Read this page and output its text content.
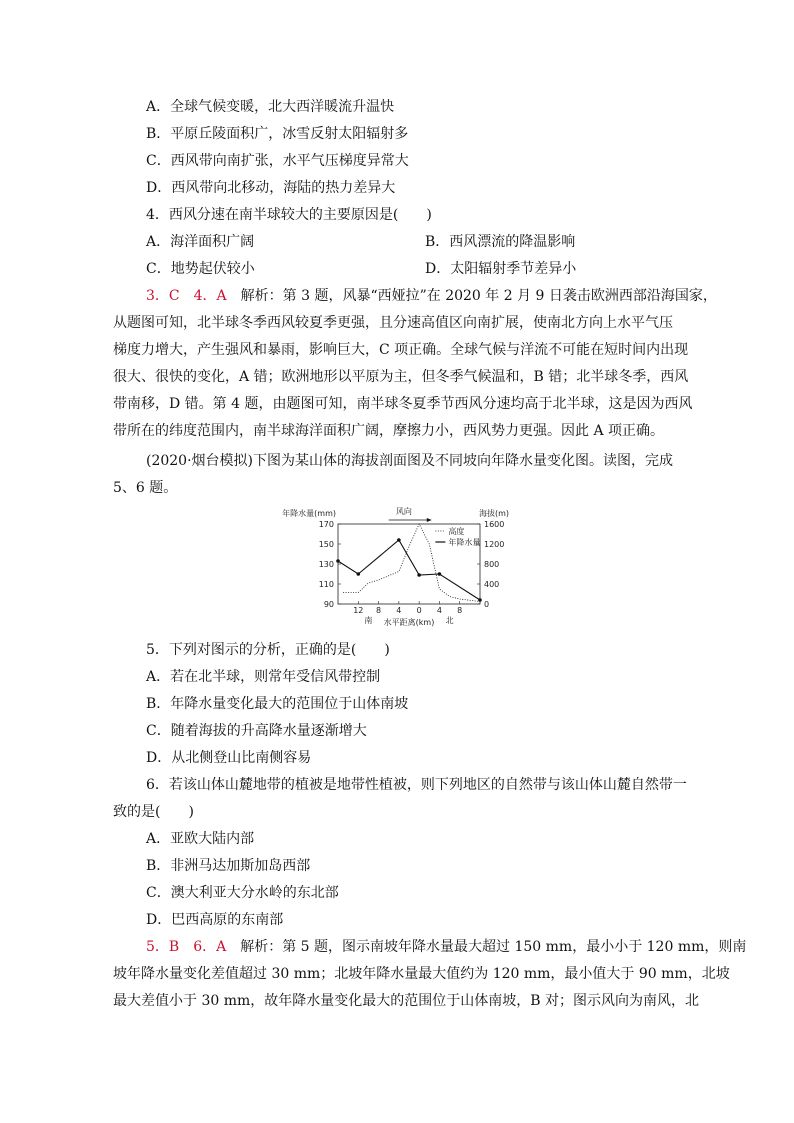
A．全球气候变暖，北大西洋暖流升温快
B．平原丘陵面积广，冰雪反射太阳辐射多
C．西风带向南扩张，水平气压梯度异常大
D．西风带向北移动，海陆的热力差异大
4．西风分速在南半球较大的主要原因是(　　)
A．海洋面积广阔	B．西风漂流的降温影响
C．地势起伏较小	D．太阳辐射季节差异小
3．C　4．A　解析：第 3 题，风暴“西娅拉”在 2020 年 2 月 9 日袭击欧洲西部沿海国家，
从题图可知，北半球冬季西风较夏季更强，且分速高值区向南扩展，使南北方向上水平气压
梯度力增大，产生强风和暴雨，影响巨大，C 项正确。全球气候与洋流不可能在短时间内出现
很大、很快的变化，A 错；欧洲地形以平原为主，但冬季气候温和，B 错；北半球冬季，西风
带南移，D 错。第 4 题，由题图可知，南半球冬夏季节西风分速均高于北半球，这是因为西风
带所在的纬度范围内，南半球海洋面积广阔，摩擦力小，西风势力更强。因此 A 项正确。
(2020·烟台模拟)下图为某山体的海拔剖面图及不同坡向年降水量变化图。读图，完成
5、6 题。
90
110
130
150
170
0
400
800
1200
1600
12 8 4 0 4 8
年降水量(mm)	海拔(m)
南 水平距离(km) 北
风向
高度
年降水量
5．下列对图示的分析，正确的是(　　)
A．若在北半球，则常年受信风带控制
B．年降水量变化最大的范围位于山体南坡
C．随着海拔的升高降水量逐渐增大
D．从北侧登山比南侧容易
6．若该山体山麓地带的植被是地带性植被，则下列地区的自然带与该山体山麓自然带一
致的是(　　)
A．亚欧大陆内部
B．非洲马达加斯加岛西部
C．澳大利亚大分水岭的东北部
D．巴西高原的东南部
5．B　6．A　解析：第 5 题，图示南坡年降水量最大超过 150 mm，最小小于 120 mm，则南
坡年降水量变化差值超过 30 mm；北坡年降水量最大值约为 120 mm，最小值大于 90 mm，北坡
最大差值小于 30 mm，故年降水量变化最大的范围位于山体南坡，B 对；图示风向为南风，北
